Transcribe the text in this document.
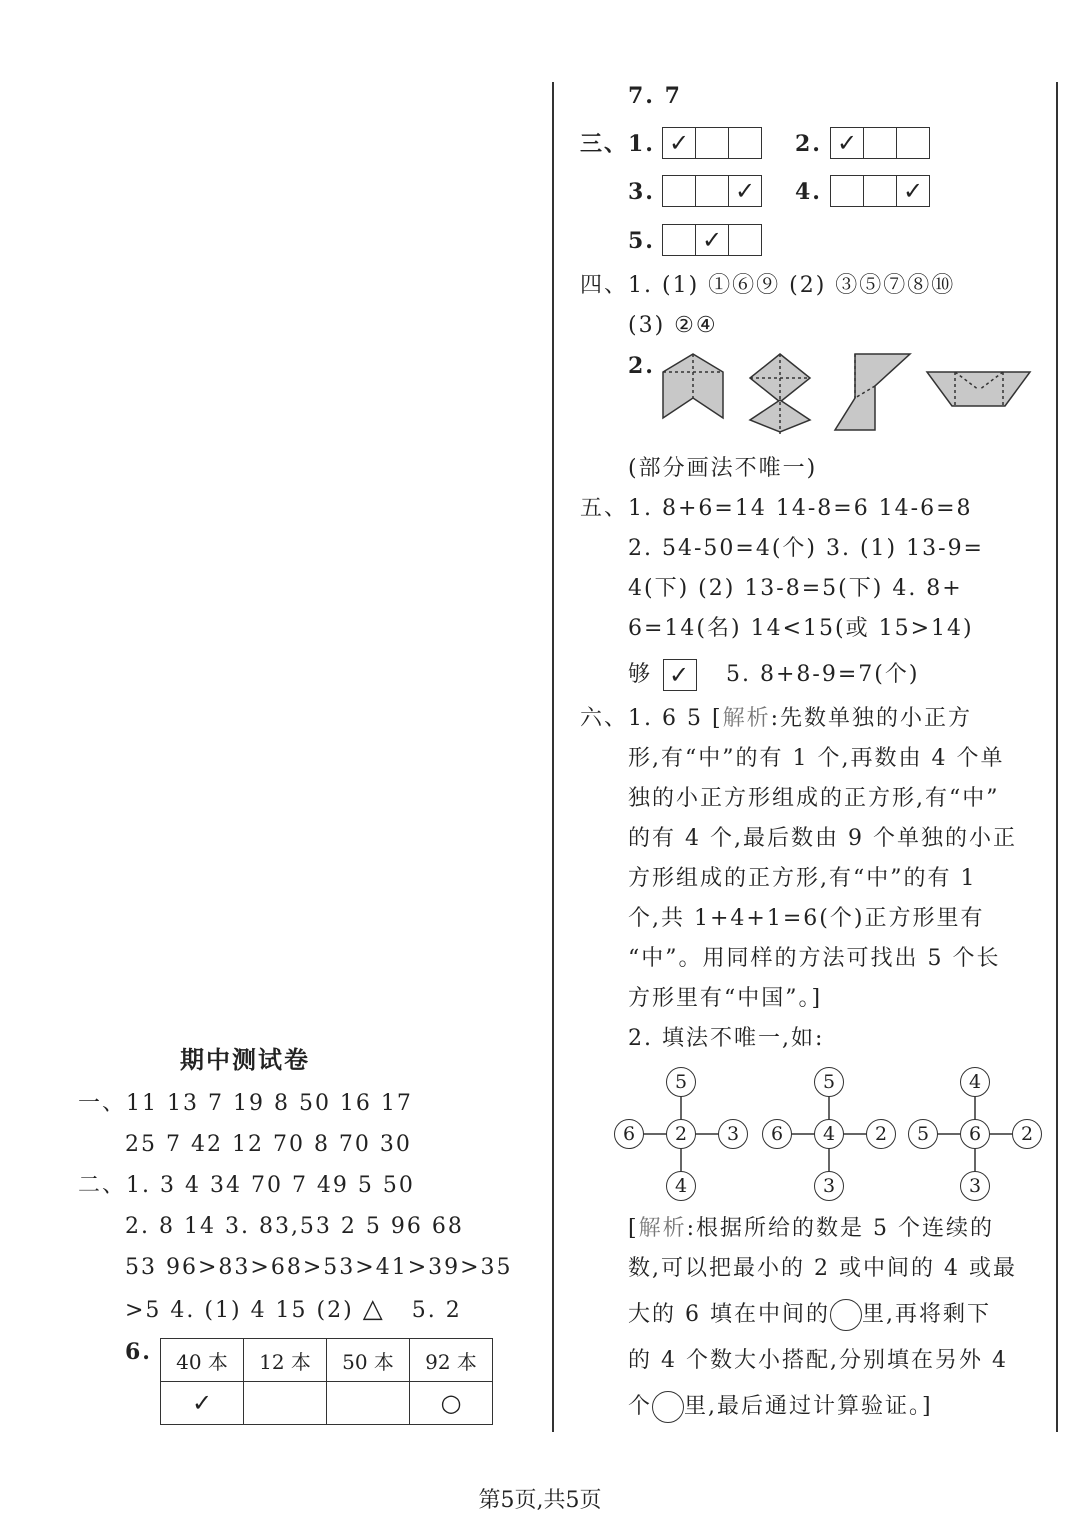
期中测试卷
一、11 13 7 19 8 50 16 17
25 7 42 12 70 8 70 30
二、1. 3 4 34 70 7 49 5 50
2. 8 14 3. 83,53 2 5 96 68
53 96>83>68>53>41>39>35
>5 4. (1) 4 15 (2) △ 5. 2
6. 40 本	12 本	50 本	92 本
✓			○
7. 7
三、1. ✓	2. ✓
3.	✓	4.	✓
5. ✓
四、1. (1) ①⑥⑨ (2) ③⑤⑦⑧⑩
(3) ②④
2.
(部分画法不唯一)
五、1. 8+6=14 14-8=6 14-6=8
2. 54-50=4(个) 3. (1) 13-9=
4(下) (2) 13-8=5(下) 4. 8+
6=14(名) 14<15(或 15>14)
够 ✓ 5. 8+8-9=7(个)
六、1. 6 5 [解析:先数单独的小正方
形,有“中”的有 1 个,再数由 4 个单
独的小正方形组成的正方形,有“中”
的有 4 个,最后数由 9 个单独的小正
方形组成的正方形,有“中”的有 1
个,共 1+4+1=6(个)正方形里有
“中”。用同样的方法可找出 5 个长
方形里有“中国”。]
2. 填法不唯一,如:
5
6	2	3
4
5
6	4	2
3
4
5	6	2
3
[解析:根据所给的数是 5 个连续的
数,可以把最小的 2 或中间的 4 或最
大的 6 填在中间的 里,再将剩下
的 4 个数大小搭配,分别填在另外 4
个 里,最后通过计算验证。]
第5页,共5页
